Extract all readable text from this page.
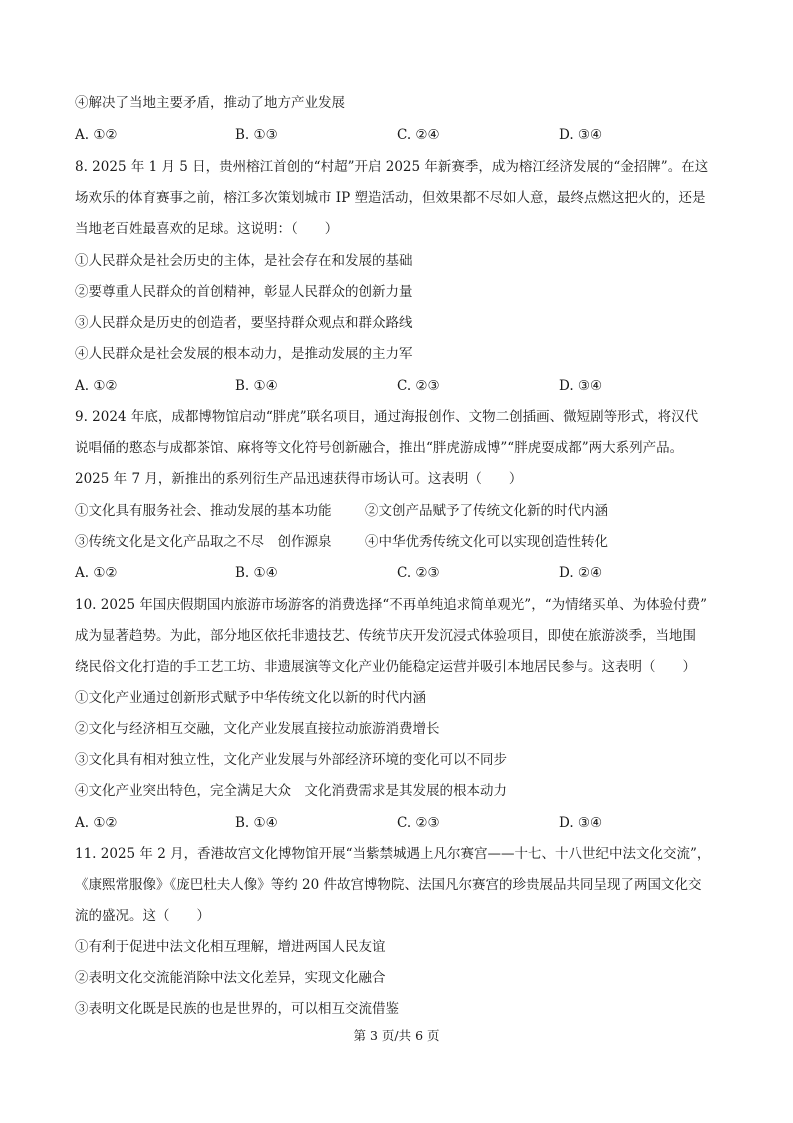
④解决了当地主要矛盾，推动了地方产业发展
A. ①②	B. ①③	C. ②④	D. ③④
8. 2025 年 1 月 5 日，贵州榕江首创的“村超”开启 2025 年新赛季，成为榕江经济发展的“金招牌”。在这
场欢乐的体育赛事之前，榕江多次策划城市 IP 塑造活动，但效果都不尽如人意，最终点燃这把火的，还是
当地老百姓最喜欢的足球。这说明：（　　）
①人民群众是社会历史的主体，是社会存在和发展的基础
②要尊重人民群众的首创精神，彰显人民群众的创新力量
③人民群众是历史的创造者，要坚持群众观点和群众路线
④人民群众是社会发展的根本动力，是推动发展的主力军
A. ①②	B. ①④	C. ②③	D. ③④
9. 2024 年底，成都博物馆启动“胖虎”联名项目，通过海报创作、文物二创插画、微短剧等形式，将汉代
说唱俑的憨态与成都茶馆、麻将等文化符号创新融合，推出“胖虎游成博”“胖虎耍成都”两大系列产品。
2025 年 7 月，新推出的系列衍生产品迅速获得市场认可。这表明（　　）
①文化具有服务社会、推动发展的基本功能 ②文创产品赋予了传统文化新的时代内涵
③传统文化是文化产品取之不尽　创作源泉 ④中华优秀传统文化可以实现创造性转化
A. ①②	B. ①④	C. ②③	D. ②④
10. 2025 年国庆假期国内旅游市场游客的消费选择“不再单纯追求简单观光”，“为情绪买单、为体验付费”
成为显著趋势。为此，部分地区依托非遗技艺、传统节庆开发沉浸式体验项目，即使在旅游淡季，当地围
绕民俗文化打造的手工艺工坊、非遗展演等文化产业仍能稳定运营并吸引本地居民参与。这表明（　　）
①文化产业通过创新形式赋予中华传统文化以新的时代内涵
②文化与经济相互交融，文化产业发展直接拉动旅游消费增长
③文化具有相对独立性，文化产业发展与外部经济环境的变化可以不同步
④文化产业突出特色，完全满足大众　文化消费需求是其发展的根本动力
A. ①②	B. ①④	C. ②③	D. ③④
11. 2025 年 2 月，香港故宫文化博物馆开展“当紫禁城遇上凡尔赛宫——十七、十八世纪中法文化交流”，
《康熙常服像》《庞巴杜夫人像》等约 20 件故宫博物院、法国凡尔赛宫的珍贵展品共同呈现了两国文化交
流的盛况。这（　　）
①有利于促进中法文化相互理解，增进两国人民友谊
②表明文化交流能消除中法文化差异，实现文化融合
③表明文化既是民族的也是世界的，可以相互交流借鉴
第 3 页/共 6 页
